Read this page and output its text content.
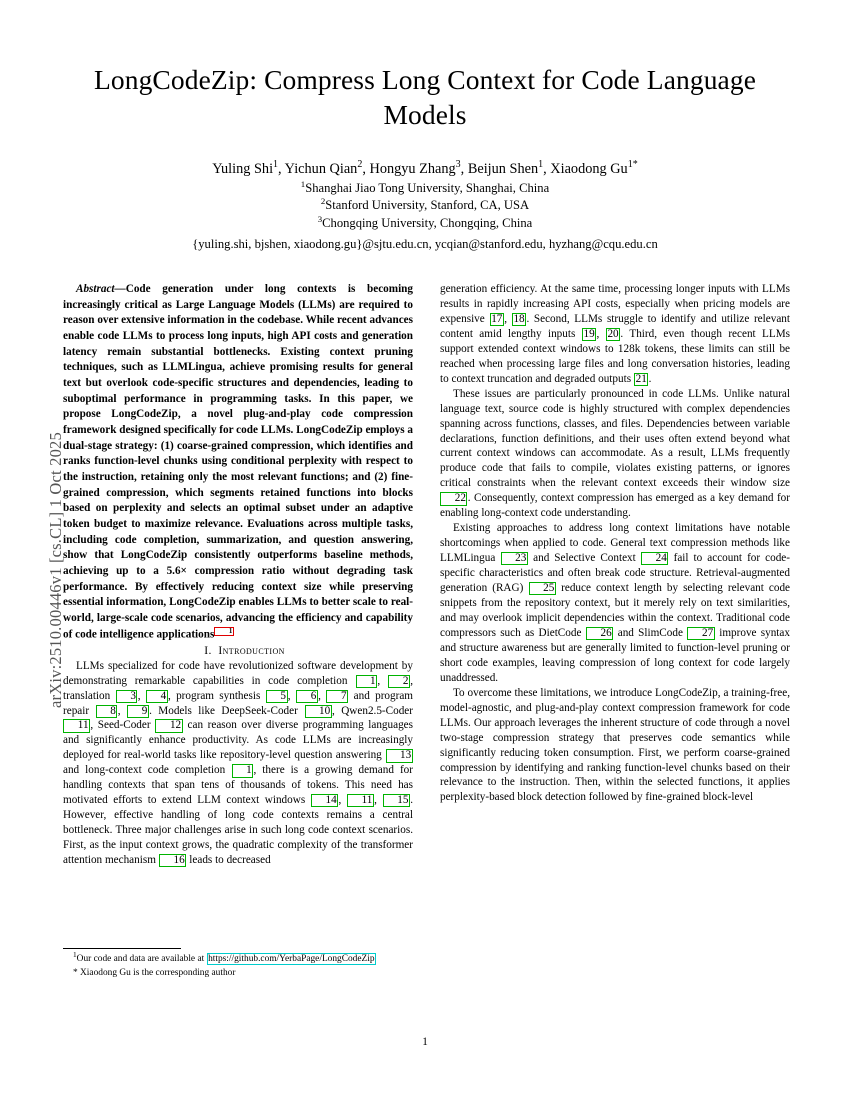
arXiv:2510.00446v1 [cs.CL] 1 Oct 2025
LongCodeZip: Compress Long Context for Code Language Models
Yuling Shi$^1$, Yichun Qian$^2$, Hongyu Zhang$^3$, Beijun Shen$^1$, Xiaodong $Gu^{1*}$
$^1$Shanghai Jiao Tong University, Shanghai, China
$^2$Stanford University, Stanford, CA, USA
$^3$Chongqing University, Chongqing, China
{yuling.shi, bjshen, xiaodong.gu}@sjtu.edu.cn, ycqian@stanford.edu, hyzhang@cqu.edu.cn

Abstract—Code generation under long contexts is becoming increasingly critical as Large Language Models (LLMs) are required to reason over extensive information in the codebase. While recent advances enable code LLMs to process long inputs, high API costs and generation latency remain substantial bottlenecks. Existing context pruning techniques, such as LLMLingua, achieve promising results for general text but overlook code-specific structures and dependencies, leading to suboptimal performance in programming tasks. In this paper, we propose LongCodeZip, a novel plug-and-play code compression framework designed specifically for code LLMs. LongCodeZip employs a dual-stage strategy: (1) coarse-grained compression, which identifies and ranks function-level chunks using conditional perplexity with respect to the instruction, retaining only the most relevant functions; and (2) fine-grained compression, which segments retained functions into blocks based on perplexity and selects an optimal subset under an adaptive token budget to maximize relevance. Evaluations across multiple tasks, including code completion, summarization, and question answering, show that LongCodeZip consistently outperforms baseline methods, achieving up to a 5.6× compression ratio without degrading task performance. By effectively reducing context size while preserving essential information, LongCodeZip enables LLMs to better scale to real-world, large-scale code scenarios, advancing the efficiency and capability of code intelligence applications 1

I. Introduction

LLMs specialized for code have revolutionized software development by demonstrating remarkable capabilities in code completion 1 , 2 , translation 3 , 4 , program synthesis 5 , 6 , 7 and program repair 8 , 9 . Models like DeepSeek-Coder 10 , Qwen2.5-Coder 11 , Seed-Coder 12 can reason over diverse programming languages and significantly enhance productivity. As code LLMs are increasingly deployed for real-world tasks like repository-level question answering 13 and long-context code completion 1 , there is a growing demand for handling contexts that span tens of thousands of tokens. This need has motivated efforts to extend LLM context windows 14 , 11 , 15 . However, effective handling of long code contexts remains a central bottleneck. Three major challenges arise in such long code context scenarios. First, as the input context grows, the quadratic complexity of the transformer attention mechanism 16 leads to decreased

generation efficiency. At the same time, processing longer inputs with LLMs results in rapidly increasing API costs, especially when pricing models are expensive 17 , 18 . Second, LLMs struggle to identify and utilize relevant content amid lengthy inputs 19 , 20 . Third, even though recent LLMs support extended context windows to 128k tokens, these limits can still be reached when processing large files and long conversation histories, leading to context truncation and degraded outputs 21 .

These issues are particularly pronounced in code LLMs. Unlike natural language text, source code is highly structured with complex dependencies spanning across functions, classes, and files. Dependencies between variable declarations, function definitions, and their uses often extend beyond what current context windows can accommodate. As a result, LLMs frequently produce code that fails to compile, violates existing patterns, or ignores critical constraints when the relevant context exceeds their window size 22 . Consequently, context compression has emerged as a key demand for enabling long-context code understanding.

Existing approaches to address long context limitations have notable shortcomings when applied to code. General text compression methods like LLMLingua 23 and Selective Context 24 fail to account for code-specific characteristics and often break code structure. Retrieval-augmented generation (RAG) 25 reduce context length by selecting relevant code snippets from the repository context, but it merely rely on text similarities, and may overlook implicit dependencies within the context. Traditional code compressors such as DietCode 26 and SlimCode 27 improve syntax and structure awareness but are generally limited to function-level pruning or short code examples, leaving compression of long context for code largely unaddressed.

To overcome these limitations, we introduce LongCodeZip, a training-free, model-agnostic, and plug-and-play context compression framework for code LLMs. Our approach leverages the inherent structure of code through a novel two-stage compression strategy that preserves code semantics while significantly reducing token consumption. First, we perform coarse-grained compression by identifying and ranking function-level chunks based on their relevance to the instruction. Then, within the selected functions, it applies perplexity-based block detection followed by fine-grained block-level

$^1$Our code and data are available at https://github.com/YerbaPage/LongCodeZip

* Xiaodong Gu is the corresponding author

1
